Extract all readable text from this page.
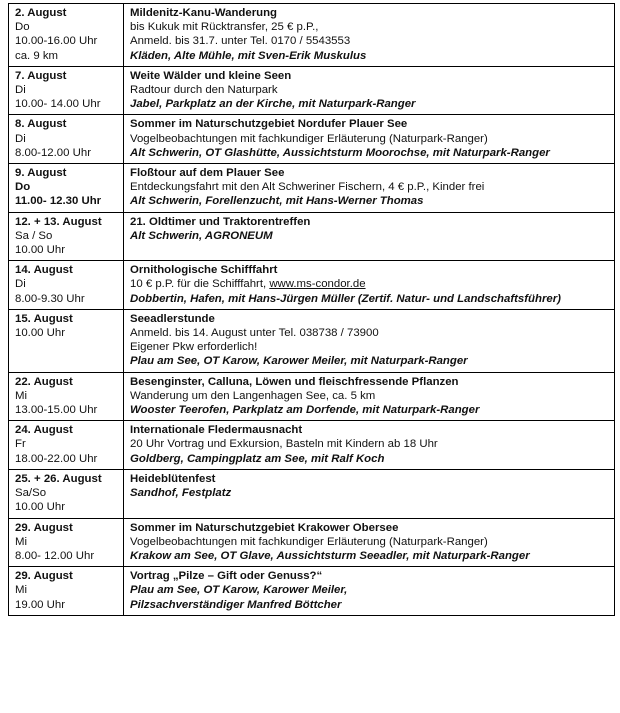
2. August
Do
10.00-16.00 Uhr
ca. 9 km	Mildenitz-Kanu-Wanderung
bis Kukuk mit Rücktransfer, 25 € p.P.,
Anmeld. bis 31.7. unter Tel. 0170 / 5543553
Kläden, Alte Mühle, mit Sven-Erik Muskulus

7. August
Di
10.00- 14.00 Uhr	Weite Wälder und kleine Seen
Radtour durch den Naturpark
Jabel, Parkplatz an der Kirche, mit Naturpark-Ranger

8. August
Di
8.00-12.00 Uhr	Sommer im Naturschutzgebiet Nordufer Plauer See
Vogelbeobachtungen mit fachkundiger Erläuterung (Naturpark-Ranger)
Alt Schwerin, OT Glashütte, Aussichtsturm Moorochse, mit Naturpark-Ranger

9. August
Do
11.00- 12.30 Uhr	Floßtour auf dem Plauer See
Entdeckungsfahrt mit den Alt Schweriner Fischern, 4 € p.P., Kinder frei
Alt Schwerin, Forellenzucht, mit Hans-Werner Thomas

12. + 13. August
Sa / So
10.00 Uhr	21. Oldtimer und Traktorentreffen
Alt Schwerin, AGRONEUM

14. August
Di
8.00-9.30 Uhr	Ornithologische Schifffahrt
10 € p.P. für die Schifffahrt, www.ms-condor.de
Dobbertin, Hafen, mit Hans-Jürgen Müller (Zertif. Natur- und Landschaftsführer)

15. August
10.00 Uhr	Seeadlerstunde
Anmeld. bis 14. August unter Tel. 038738 / 73900
Eigener Pkw erforderlich!
Plau am See, OT Karow, Karower Meiler, mit Naturpark-Ranger

22. August
Mi
13.00-15.00 Uhr	Besenginster, Calluna, Löwen und fleischfressende Pflanzen
Wanderung um den Langenhagen See, ca. 5 km
Wooster Teerofen, Parkplatz am Dorfende, mit Naturpark-Ranger

24. August
Fr
18.00-22.00 Uhr	Internationale Fledermausnacht
20 Uhr Vortrag und Exkursion, Basteln mit Kindern ab 18 Uhr
Goldberg, Campingplatz am See, mit Ralf Koch

25. + 26. August
Sa/So
10.00 Uhr	Heideblütenfest
Sandhof, Festplatz

29. August
Mi
8.00- 12.00 Uhr	Sommer im Naturschutzgebiet Krakower Obersee
Vogelbeobachtungen mit fachkundiger Erläuterung (Naturpark-Ranger)
Krakow am See, OT Glave, Aussichtsturm Seeadler, mit Naturpark-Ranger

29. August
Mi
19.00 Uhr	Vortrag „Pilze – Gift oder Genuss?“
Plau am See, OT Karow, Karower Meiler,
Pilzsachverständiger Manfred Böttcher
